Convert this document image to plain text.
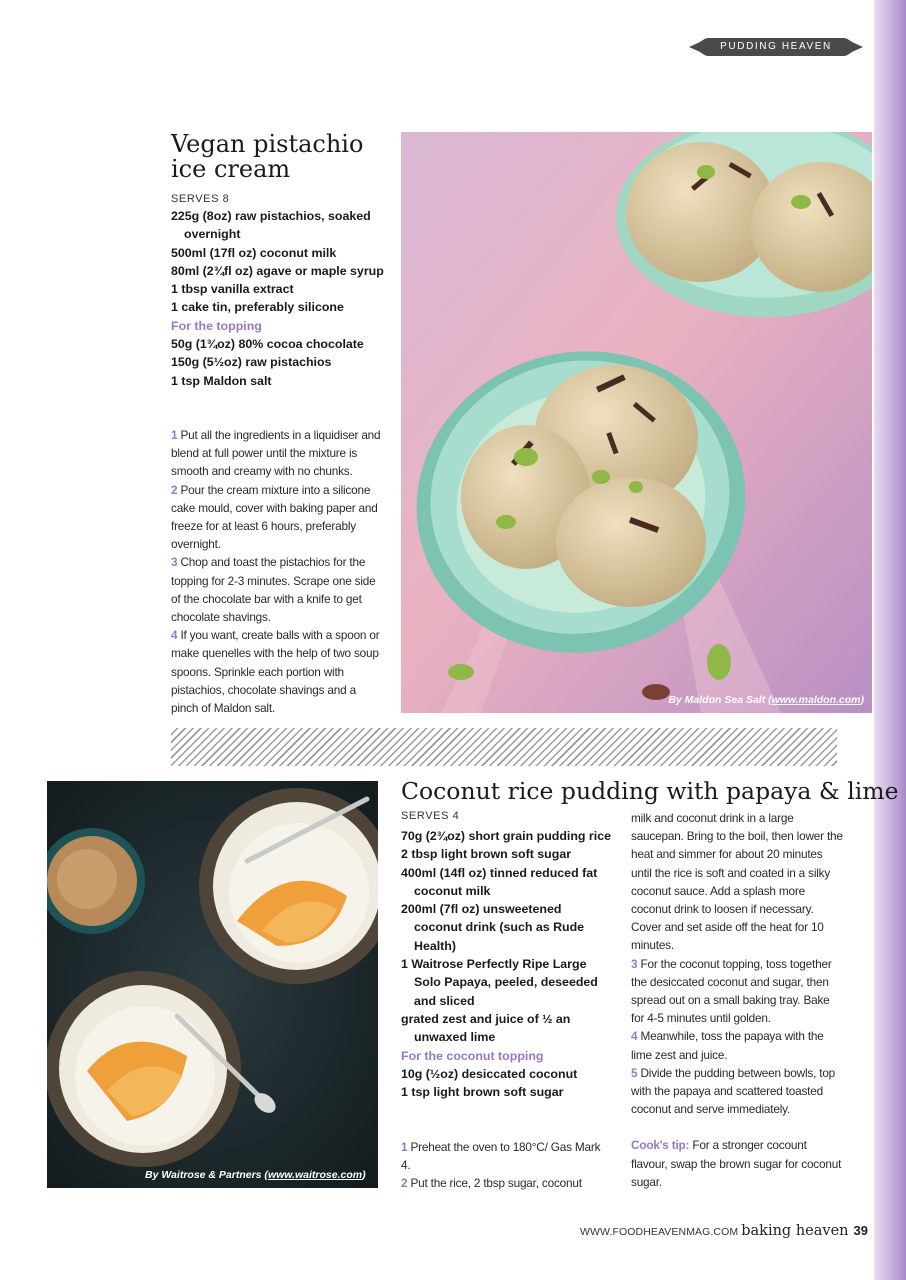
PUDDING HEAVEN
Vegan pistachio
ice cream
SERVES 8
225g (8oz) raw pistachios, soaked overnight
500ml (17fl oz) coconut milk
80ml (2¾fl oz) agave or maple syrup
1 tbsp vanilla extract
1 cake tin, preferably silicone
For the topping
50g (1¾oz) 80% cocoa chocolate
150g (5½oz) raw pistachios
1 tsp Maldon salt

1 Put all the ingredients in a liquidiser and blend at full power until the mixture is smooth and creamy with no chunks.

2 Pour the cream mixture into a silicone cake mould, cover with baking paper and freeze for at least 6 hours, preferably overnight.

3 Chop and toast the pistachios for the topping for 2-3 minutes. Scrape one side of the chocolate bar with a knife to get chocolate shavings.

4 If you want, create balls with a spoon or make quenelles with the help of two soup spoons. Sprinkle each portion with pistachios, chocolate shavings and a pinch of Maldon salt.

By Maldon Sea Salt (www.maldon.com)
By Waitrose & Partners (www.waitrose.com)
Coconut rice pudding with papaya & lime
SERVES 4
70g (2¾oz) short grain pudding rice
2 tbsp light brown soft sugar
400ml (14fl oz) tinned reduced fat coconut milk
200ml (7fl oz) unsweetened coconut drink (such as Rude Health)
1 Waitrose Perfectly Ripe Large Solo Papaya, peeled, deseeded and sliced
grated zest and juice of ½ an unwaxed lime
For the coconut topping
10g (½oz) desiccated coconut
1 tsp light brown soft sugar

1 Preheat the oven to 180°C/ Gas Mark 4.

2 Put the rice, 2 tbsp sugar, coconut

milk and coconut drink in a large saucepan. Bring to the boil, then lower the heat and simmer for about 20 minutes until the rice is soft and coated in a silky coconut sauce. Add a splash more coconut drink to loosen if necessary. Cover and set aside off the heat for 10 minutes.

3 For the coconut topping, toss together the desiccated coconut and sugar, then spread out on a small baking tray. Bake for 4-5 minutes until golden.

4 Meanwhile, toss the papaya with the lime zest and juice.

5 Divide the pudding between bowls, top with the papaya and scattered toasted coconut and serve immediately.

Cook's tip: For a stronger cocount flavour, swap the brown sugar for coconut sugar.

WWW.FOODHEAVENMAG.COM baking heaven 39
